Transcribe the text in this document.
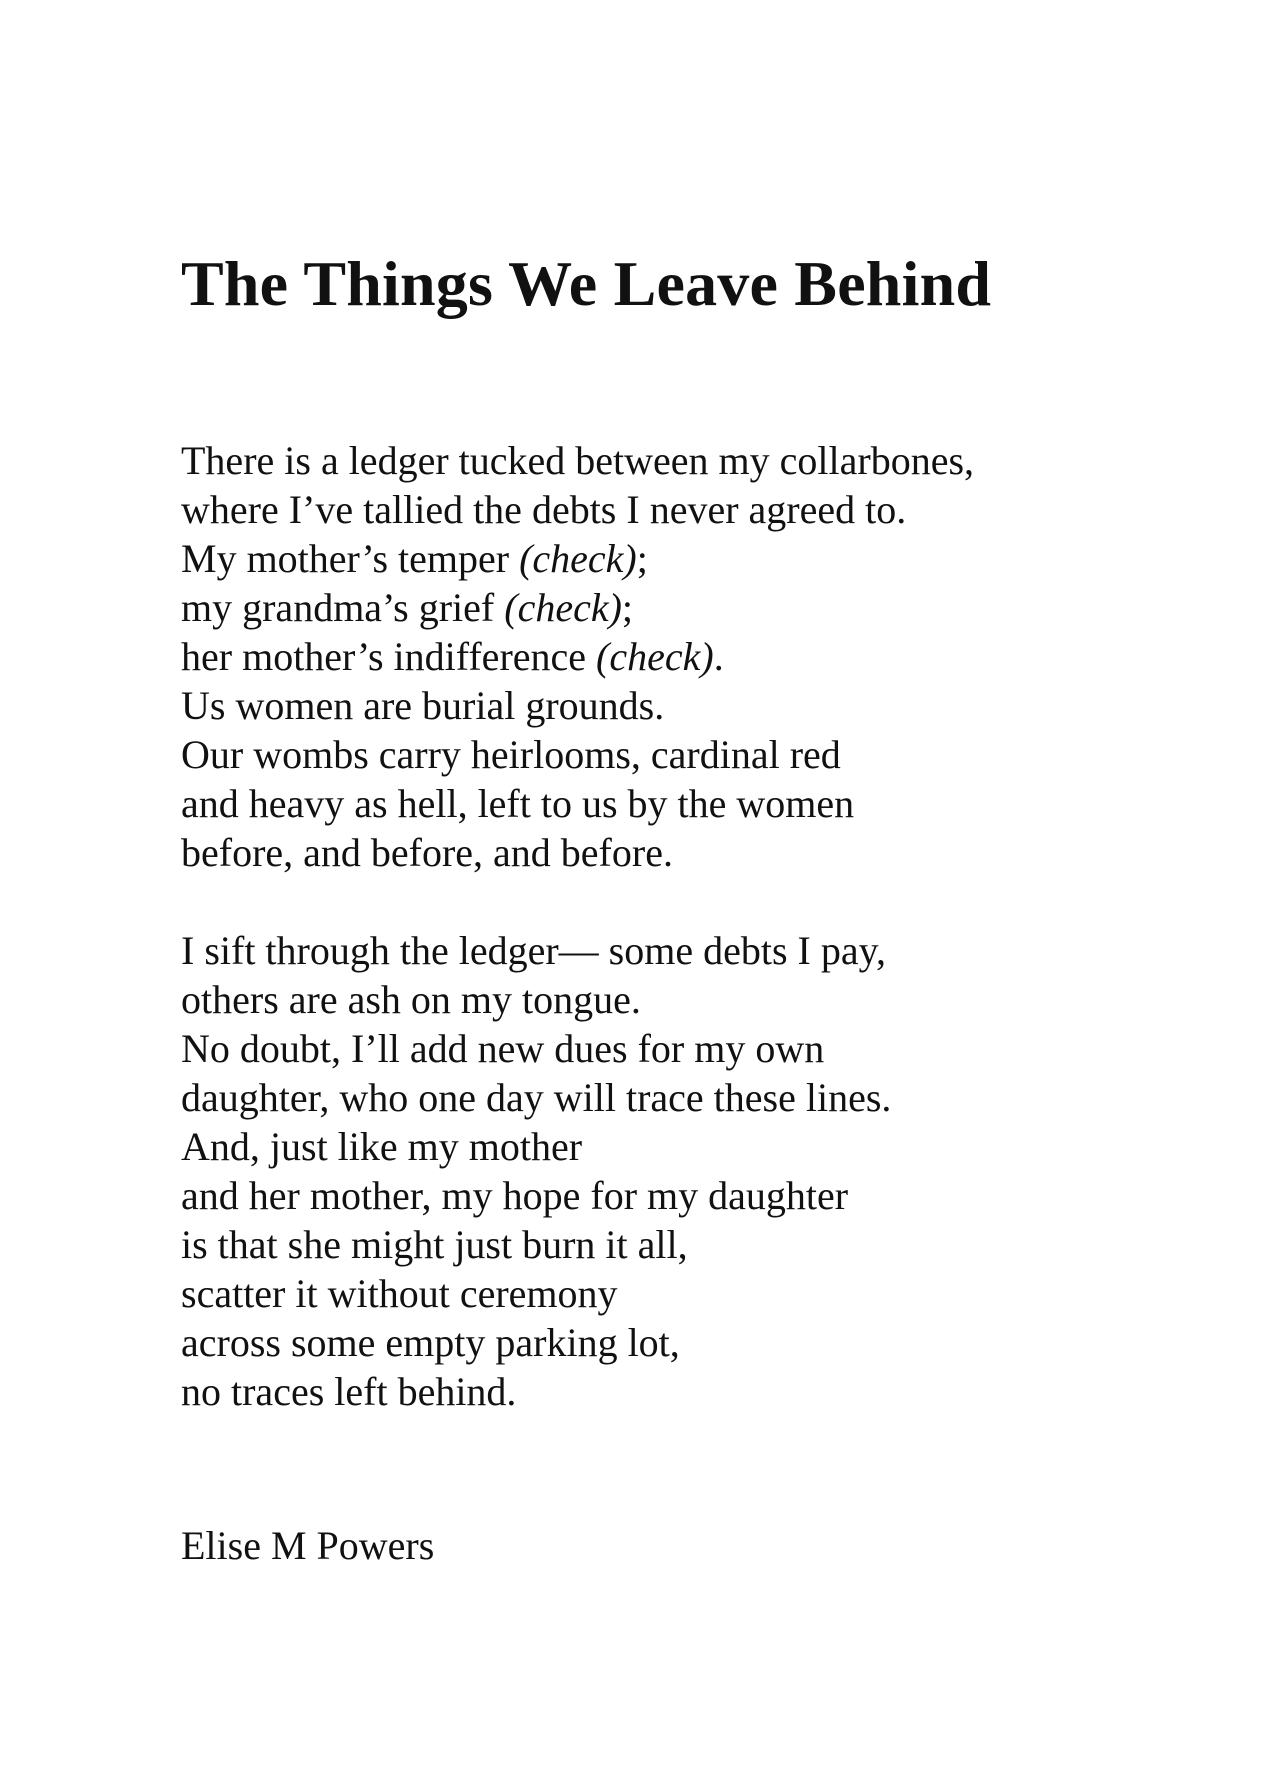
The Things We Leave Behind
There is a ledger tucked between my collarbones,
where I’ve tallied the debts I never agreed to.
My mother’s temper (check);
my grandma’s grief (check);
her mother’s indifference (check).
Us women are burial grounds.
Our wombs carry heirlooms, cardinal red
and heavy as hell, left to us by the women
before, and before, and before.
I sift through the ledger— some debts I pay,
others are ash on my tongue.
No doubt, I’ll add new dues for my own
daughter, who one day will trace these lines.
And, just like my mother
and her mother, my hope for my daughter
is that she might just burn it all,
scatter it without ceremony
across some empty parking lot,
no traces left behind.

Elise M Powers
